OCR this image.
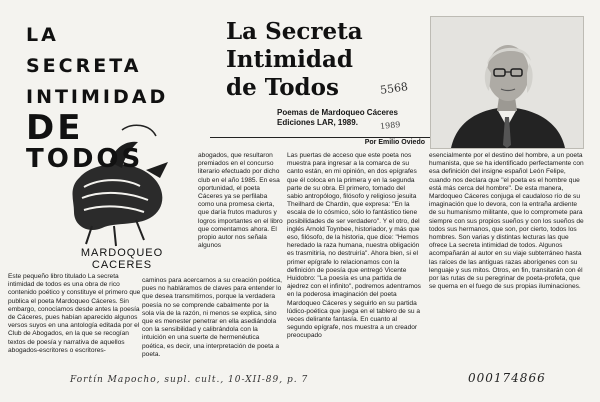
LA SECRETA
INTIMIDAD
DE
TODOS
MARDOQUEO
CACERES
La Secreta
Intimidad
de Todos	5568
Poemas de Mardoqueo Cáceres
Ediciones LAR, 1989.	1989
Por Emilio Oviedo

Este pequeño libro titulado La secreta intimidad de todos es una obra de rico contenido poético y constituye el primero que publica el poeta Mardoqueo Cáceres. Sin embargo, conocíamos desde antes la poesía de Cáceres, pues habían aparecido algunos versos suyos en una antología editada por el Club de Abogados, en la que se recogían textos de poesía y narrativa de aquellos abogados-escritores o escritores-

abogados, que resultaron premiados en el concurso literario efectuado por dicho club en el año 1985. En esa oportunidad, el poeta Cáceres ya se perfilaba como una promesa cierta, que daría frutos maduros y logros importantes en el libro que comentamos ahora. El propio autor nos señala algunos

caminos para acercarnos a su creación poética, pues no habláramos de claves para entender lo que desea transmitirnos, porque la verdadera poesía no se comprende cabalmente por la sola vía de la razón, ni menos se explica, sino que es menester penetrar en ella asediándola con la sensibilidad y calibrándola con la intuición en una suerte de hermenéutica poética, es decir, una interpretación de poeta a poeta.

Las puertas de acceso que este poeta nos muestra para ingresar a la comarca de su canto están, en mi opinión, en dos epígrafes que él coloca en la primera y en la segunda parte de su obra. El primero, tomado del sabio antropólogo, filósofo y religioso jesuita Theilhard de Chardin, que expresa: "En la escala de lo cósmico, sólo lo fantástico tiene posibilidades de ser verdadero". Y el otro, del inglés Arnold Toynbee, historiador, y más que eso, filósofo, de la historia, que dice: "Hemos heredado la raza humana, nuestra obligación es trasmitiría, no destruiría". Ahora bien, si el primer epígrafe lo relacionamos con la definición de poesía que entregó Vicente Huidobro: "La poesía es una partida de ajedrez con el infinito", podremos adentramos en la poderosa imaginación del poeta Mardoqueo Cáceres y seguirlo en su partida lúdico-poética que juega en el tablero de su a veces delirante fantasía. En cuanto al segundo epígrafe, nos muestra a un creador preocupado

esencialmente por el destino del hombre, a un poeta humanista, que se ha identificado perfectamente con esa definición del insigne español León Felipe, cuando nos declara que "el poeta es el hombre que está más cerca del hombre". De esta manera, Mardoqueo Cáceres conjuga el caudaloso río de su imaginación que lo devora, con la entraña ardiente de su humanismo militante, que lo compromete para siempre con sus propios sueños y con los sueños de todos sus hermanos, que son, por cierto, todos los hombres. Son varias y distintas lecturas las que ofrece La secreta intimidad de todos. Algunos acompañarán al autor en su viaje subterráneo hasta las raíces de las antiguas razas aborígenes con su lenguaje y sus mitos. Otros, en fin, transitarán con él por las rutas de su peregrinar de poeta-profeta, que se quema en el fuego de sus propias iluminaciones.

Fortín Mapocho, supl. cult., 10-XII-89, p. 7	000174866
